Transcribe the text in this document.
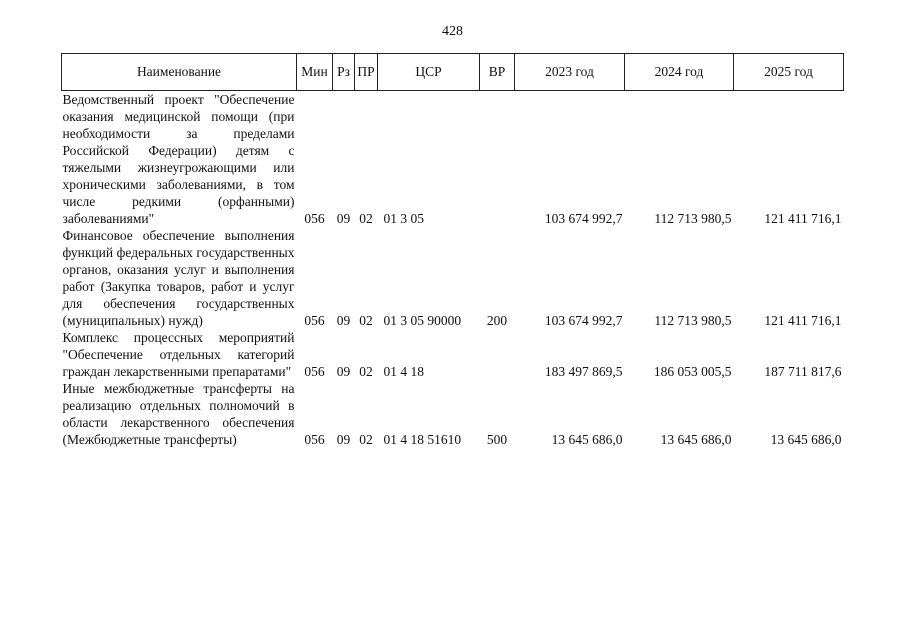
428
Наименование	Мин	Рз	ПР	ЦСР	ВР	2023 год	2024 год	2025 год
Ведомственный проект "Обеспечение оказания медицинской помощи (при необходимости за пределами Российской Федерации) детям с тяжелыми жизнеугрожающими или хроническими заболеваниями, в том числе редкими (орфанными) заболеваниями"	056	09	02	01 3 05		103 674 992,7	112 713 980,5	121 411 716,1
Финансовое обеспечение выполнения функций федеральных государственных органов, оказания услуг и выполнения работ (Закупка товаров, работ и услуг для обеспечения государственных (муниципальных) нужд)	056	09	02	01 3 05 90000	200	103 674 992,7	112 713 980,5	121 411 716,1
Комплекс процессных мероприятий "Обеспечение отдельных категорий граждан лекарственными препаратами"	056	09	02	01 4 18		183 497 869,5	186 053 005,5	187 711 817,6
Иные межбюджетные трансферты на реализацию отдельных полномочий в области лекарственного обеспечения (Межбюджетные трансферты)	056	09	02	01 4 18 51610	500	13 645 686,0	13 645 686,0	13 645 686,0
